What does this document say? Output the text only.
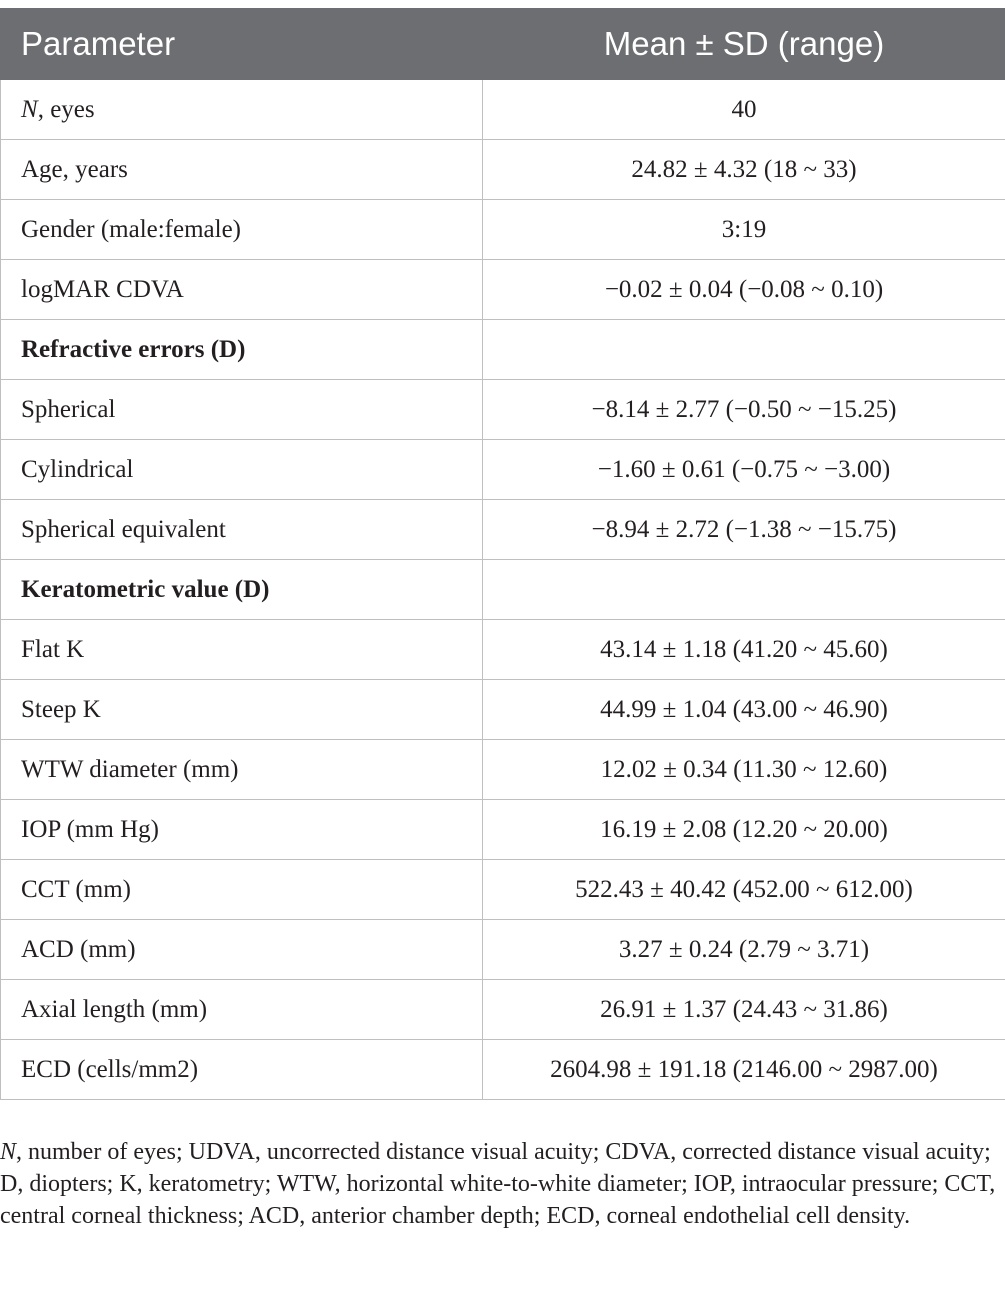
Parameter	Mean ± SD (range)
N, eyes	40
Age, years	24.82 ± 4.32 (18 ~ 33)
Gender (male:female)	3:19
logMAR CDVA	−0.02 ± 0.04 (−0.08 ~ 0.10)
Refractive errors (D)	
Spherical	−8.14 ± 2.77 (−0.50 ~ −15.25)
Cylindrical	−1.60 ± 0.61 (−0.75 ~ −3.00)
Spherical equivalent	−8.94 ± 2.72 (−1.38 ~ −15.75)
Keratometric value (D)	
Flat K	43.14 ± 1.18 (41.20 ~ 45.60)
Steep K	44.99 ± 1.04 (43.00 ~ 46.90)
WTW diameter (mm)	12.02 ± 0.34 (11.30 ~ 12.60)
IOP (mm Hg)	16.19 ± 2.08 (12.20 ~ 20.00)
CCT (mm)	522.43 ± 40.42 (452.00 ~ 612.00)
ACD (mm)	3.27 ± 0.24 (2.79 ~ 3.71)
Axial length (mm)	26.91 ± 1.37 (24.43 ~ 31.86)
ECD (cells/mm2)	2604.98 ± 191.18 (2146.00 ~ 2987.00)
N, number of eyes; UDVA, uncorrected distance visual acuity; CDVA, corrected distance visual acuity; D, diopters; K, keratometry; WTW, horizontal white-to-white diameter; IOP, intraocular pressure; CCT, central corneal thickness; ACD, anterior chamber depth; ECD, corneal endothelial cell density.
